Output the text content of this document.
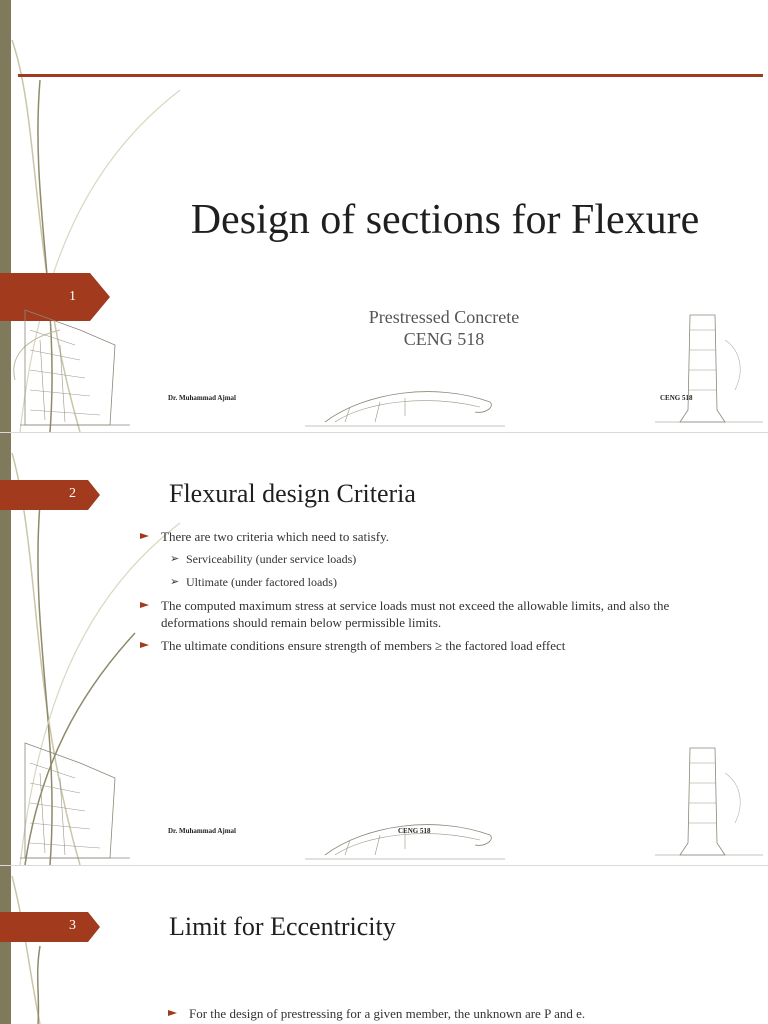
1
Design of sections for Flexure
Prestressed Concrete
CENG 518
Dr. Muhammad Ajmal	CENG 518
2	Flexural design Criteria
There are two criteria which need to satisfy.
➢ Serviceability (under service loads)
➢ Ultimate (under factored loads)
The computed maximum stress at service loads must not exceed the allowable limits, and also the deformations should remain below permissible limits.
The ultimate conditions ensure strength of members ≥ the factored load effect
Dr. Muhammad Ajmal	CENG 518
3	Limit for Eccentricity
For the design of prestressing for a given member, the unknown are P and e.
